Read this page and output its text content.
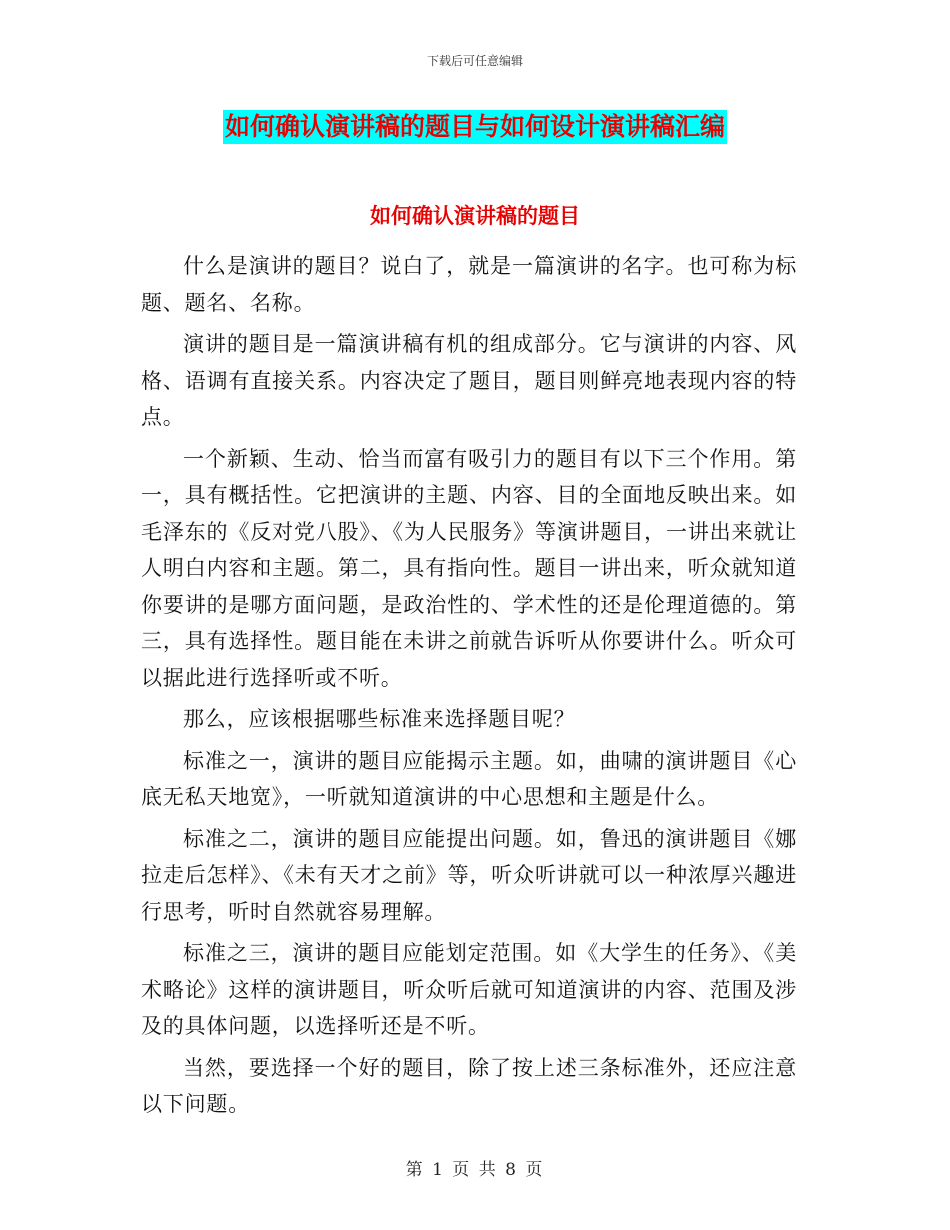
下载后可任意编辑
如何确认演讲稿的题目与如何设计演讲稿汇编
如何确认演讲稿的题目

什么是演讲的题目？说白了，就是一篇演讲的名字。也可称为标题、题名、名称。

演讲的题目是一篇演讲稿有机的组成部分。它与演讲的内容、风格、语调有直接关系。内容决定了题目，题目则鲜亮地表现内容的特点。

一个新颖、生动、恰当而富有吸引力的题目有以下三个作用。第一，具有概括性。它把演讲的主题、内容、目的全面地反映出来。如毛泽东的《反对党八股》、《为人民服务》等演讲题目，一讲出来就让人明白内容和主题。第二，具有指向性。题目一讲出来，听众就知道你要讲的是哪方面问题，是政治性的、学术性的还是伦理道德的。第三，具有选择性。题目能在未讲之前就告诉听从你要讲什么。听众可以据此进行选择听或不听。

那么，应该根据哪些标准来选择题目呢？

标准之一，演讲的题目应能揭示主题。如，曲啸的演讲题目《心底无私天地宽》，一听就知道演讲的中心思想和主题是什么。

标准之二，演讲的题目应能提出问题。如，鲁迅的演讲题目《娜拉走后怎样》、《未有天才之前》等，听众听讲就可以一种浓厚兴趣进行思考，听时自然就容易理解。

标准之三，演讲的题目应能划定范围。如《大学生的任务》、《美术略论》这样的演讲题目，听众听后就可知道演讲的内容、范围及涉及的具体问题，以选择听还是不听。

当然，要选择一个好的题目，除了按上述三条标准外，还应注意以下问题。

第 1 页 共 8 页
